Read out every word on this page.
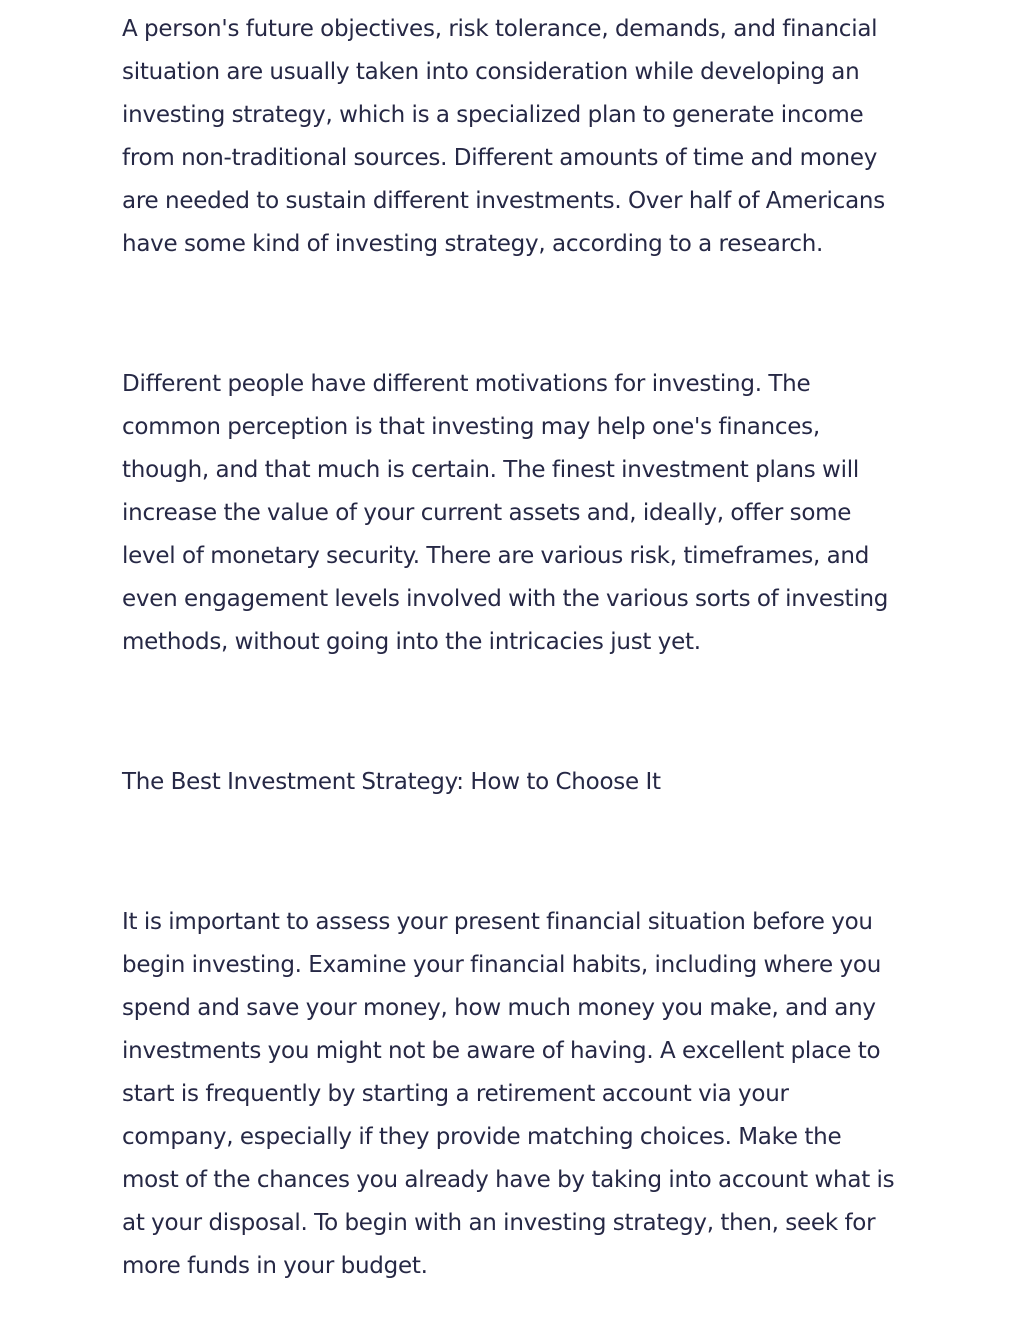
A person's future objectives, risk tolerance, demands, and financial situation are usually taken into consideration while developing an investing strategy, which is a specialized plan to generate income from non-traditional sources. Different amounts of time and money are needed to sustain different investments. Over half of Americans have some kind of investing strategy, according to a research.

Different people have different motivations for investing. The common perception is that investing may help one's finances, though, and that much is certain. The finest investment plans will increase the value of your current assets and, ideally, offer some level of monetary security. There are various risk, timeframes, and even engagement levels involved with the various sorts of investing methods, without going into the intricacies just yet.

The Best Investment Strategy: How to Choose It

It is important to assess your present financial situation before you begin investing. Examine your financial habits, including where you spend and save your money, how much money you make, and any investments you might not be aware of having. A excellent place to start is frequently by starting a retirement account via your company, especially if they provide matching choices. Make the most of the chances you already have by taking into account what is at your disposal. To begin with an investing strategy, then, seek for more funds in your budget.
